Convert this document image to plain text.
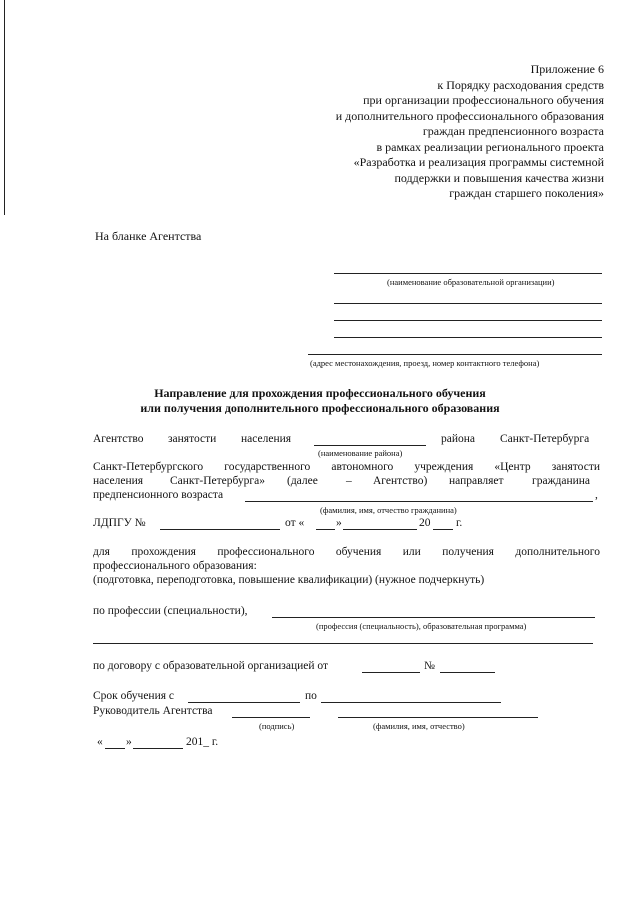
Приложение 6
к Порядку расходования средств
при организации профессионального обучения
и дополнительного профессионального образования
граждан предпенсионного возраста
в рамках реализации регионального проекта
«Разработка и реализация программы системной
поддержки и повышения качества жизни
граждан старшего поколения»
На бланке Агентства
(наименование образовательной организации)
(адрес местонахождения, проезд, номер контактного телефона)
Направление для прохождения профессионального обучения
или получения дополнительного профессионального образования
Агентство занятости населения	района Санкт-Петербурга
(наименование района)
Санкт-Петербургского государственного автономного учреждения «Центр занятости
населения Санкт-Петербурга» (далее – Агентство) направляет гражданина
предпенсионного возраста	,
(фамилия, имя, отчество гражданина)
ЛДПГУ №	от «	»	20 г.
для прохождения профессионального обучения или получения дополнительного
профессионального образования:
(подготовка, переподготовка, повышение квалификации) (нужное подчеркнуть)
по профессии (специальности),
(профессия (специальность), образовательная программа)
по договору с образовательной организацией от	№
Срок обучения с	по
Руководитель Агентства
(подпись)	(фамилия, имя, отчество)
« »	201_ г.
